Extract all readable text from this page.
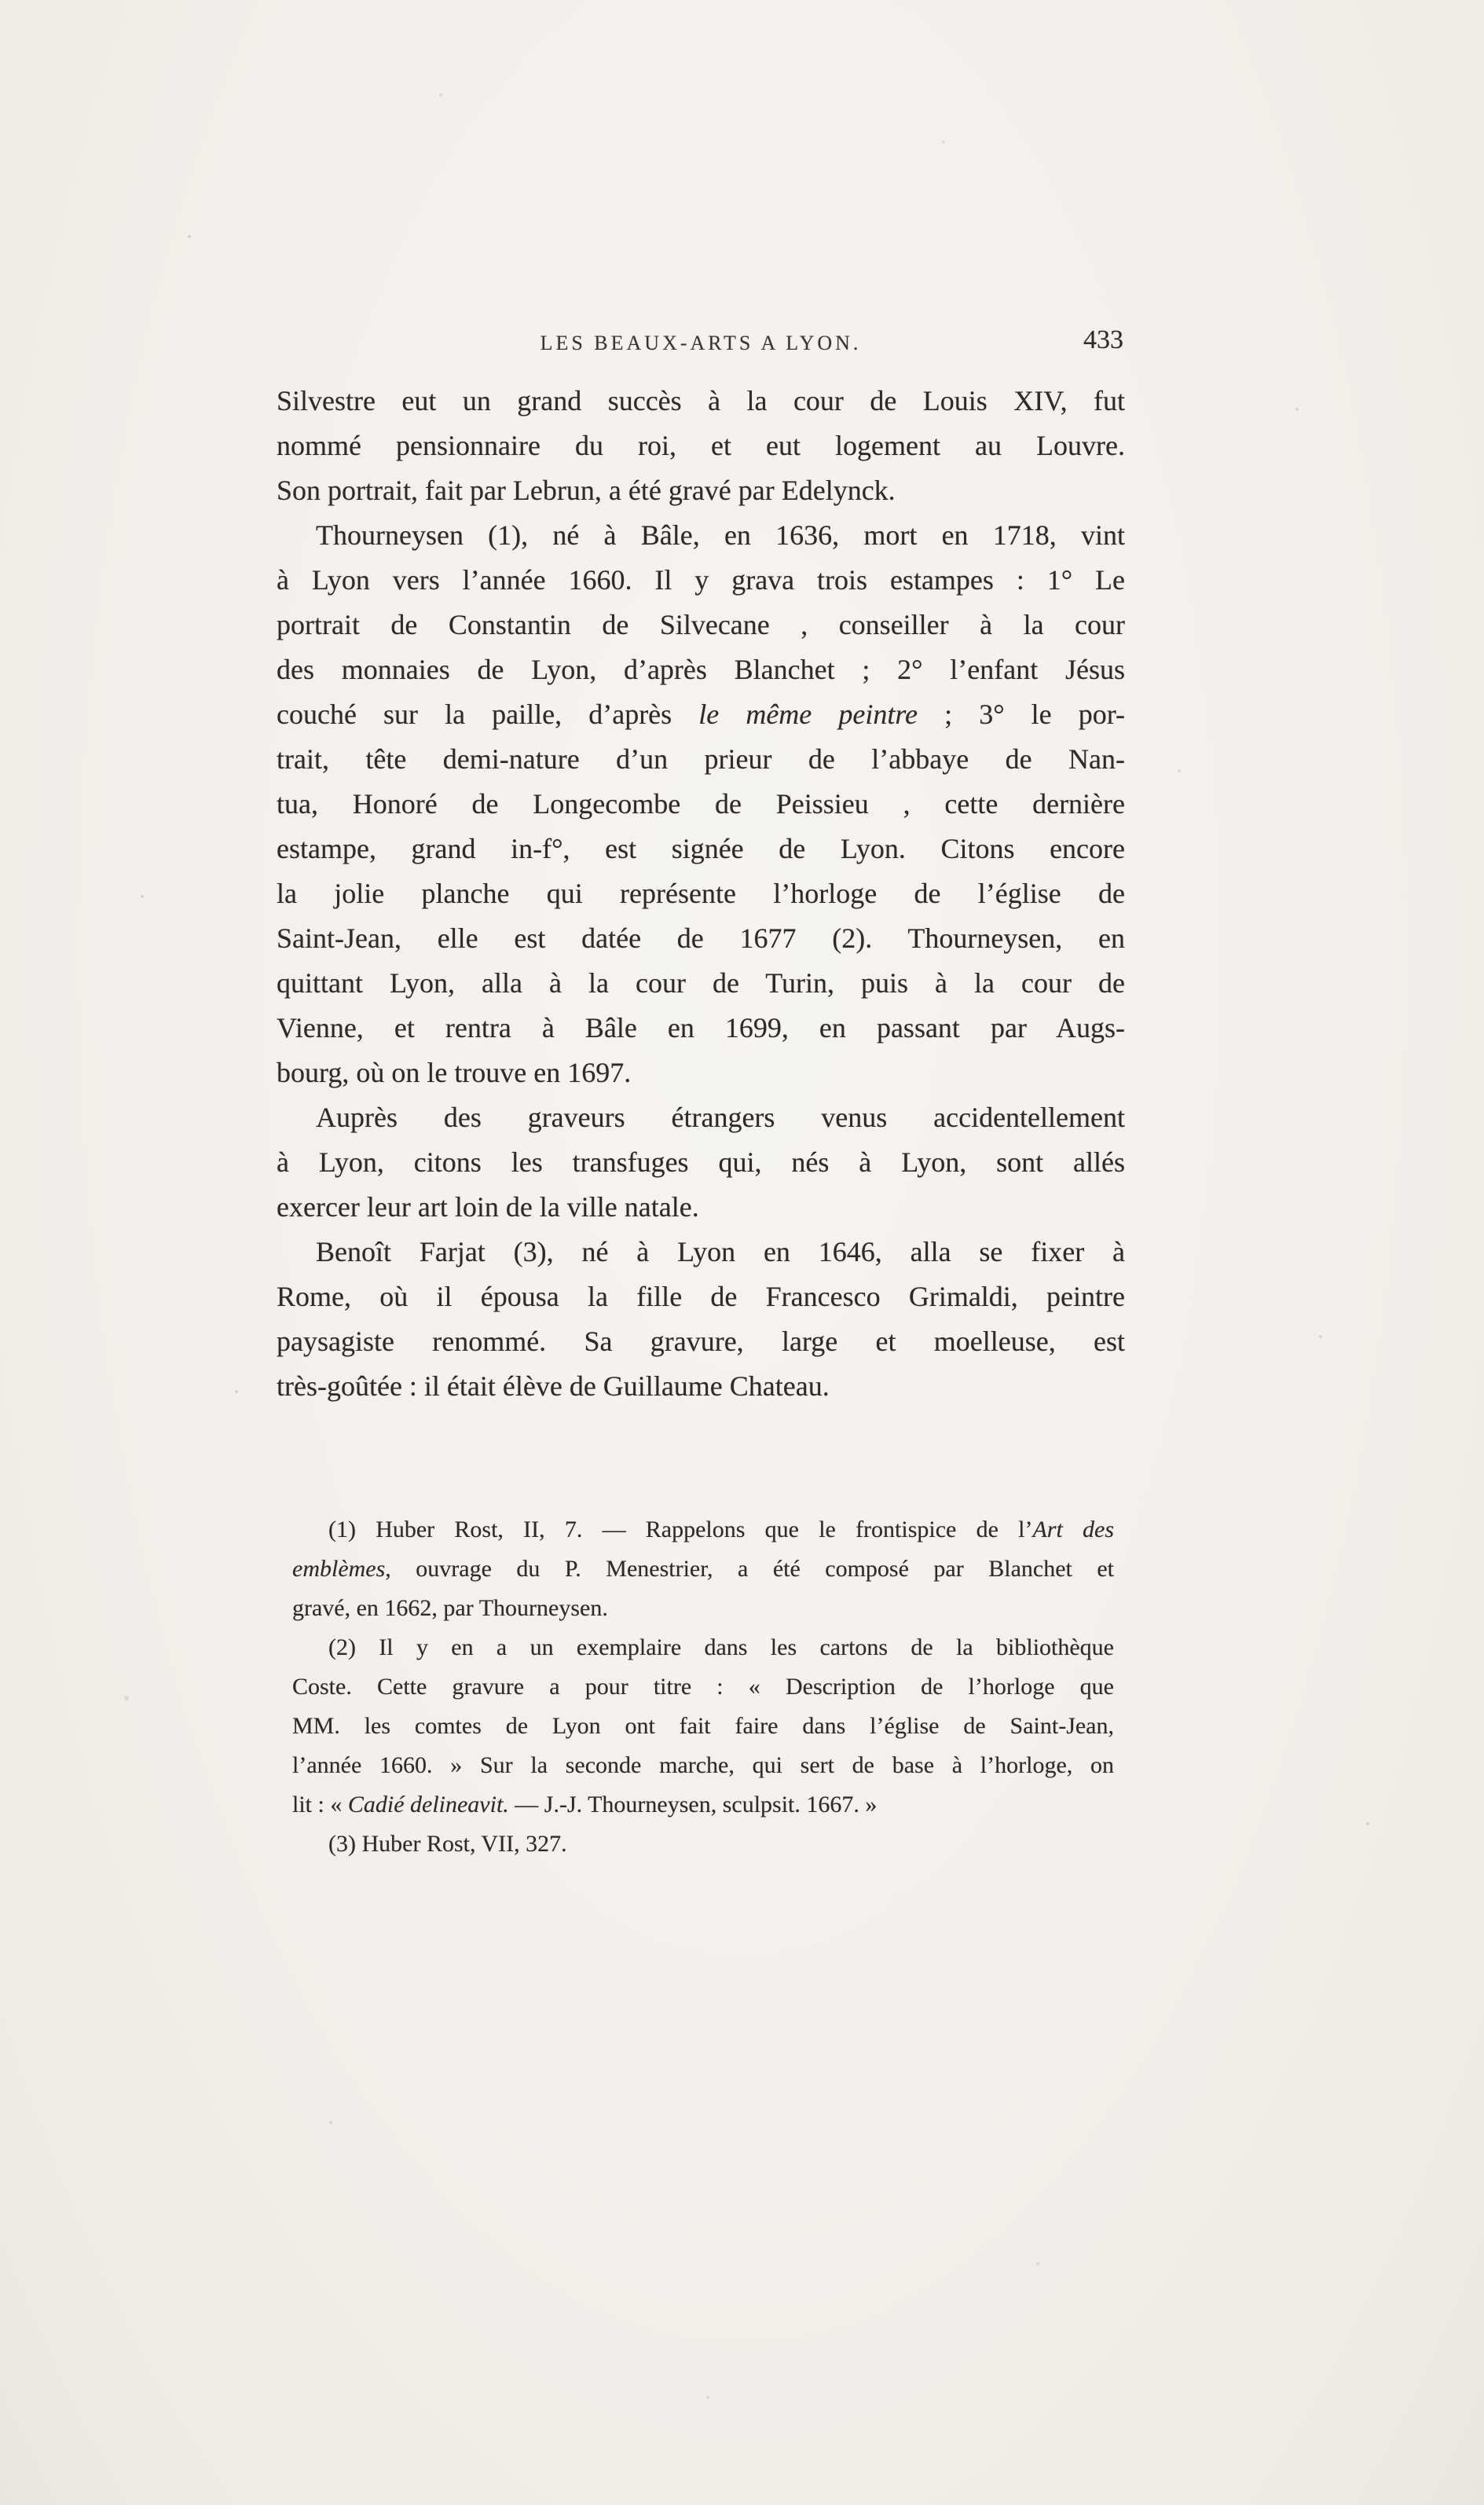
LES BEAUX-ARTS A LYON.	433
Silvestre eut un grand succès à la cour de Louis XIV, fut
nommé pensionnaire du roi, et eut logement au Louvre.
Son portrait, fait par Lebrun, a été gravé par Edelynck.
Thourneysen (1), né à Bâle, en 1636, mort en 1718, vint
à Lyon vers l’année 1660. Il y grava trois estampes : 1° Le
portrait de Constantin de Silvecane , conseiller à la cour
des monnaies de Lyon, d’après Blanchet ; 2° l’enfant Jésus
couché sur la paille, d’après le même peintre ; 3° le por-
trait, tête demi-nature d’un prieur de l’abbaye de Nan-
tua, Honoré de Longecombe de Peissieu , cette dernière
estampe, grand in-f°, est signée de Lyon. Citons encore
la jolie planche qui représente l’horloge de l’église de
Saint-Jean, elle est datée de 1677 (2). Thourneysen, en
quittant Lyon, alla à la cour de Turin, puis à la cour de
Vienne, et rentra à Bâle en 1699, en passant par Augs-
bourg, où on le trouve en 1697.
Auprès des graveurs étrangers venus accidentellement
à Lyon, citons les transfuges qui, nés à Lyon, sont allés
exercer leur art loin de la ville natale.
Benoît Farjat (3), né à Lyon en 1646, alla se fixer à
Rome, où il épousa la fille de Francesco Grimaldi, peintre
paysagiste renommé. Sa gravure, large et moelleuse, est
très-goûtée : il était élève de Guillaume Chateau.
(1) Huber Rost, II, 7. — Rappelons que le frontispice de l’Art des
emblèmes, ouvrage du P. Menestrier, a été composé par Blanchet et
gravé, en 1662, par Thourneysen.
(2) Il y en a un exemplaire dans les cartons de la bibliothèque
Coste. Cette gravure a pour titre : « Description de l’horloge que
MM. les comtes de Lyon ont fait faire dans l’église de Saint-Jean,
l’année 1660. » Sur la seconde marche, qui sert de base à l’horloge, on
lit : « Cadié delineavit. — J.-J. Thourneysen, sculpsit. 1667. »
(3) Huber Rost, VII, 327.
